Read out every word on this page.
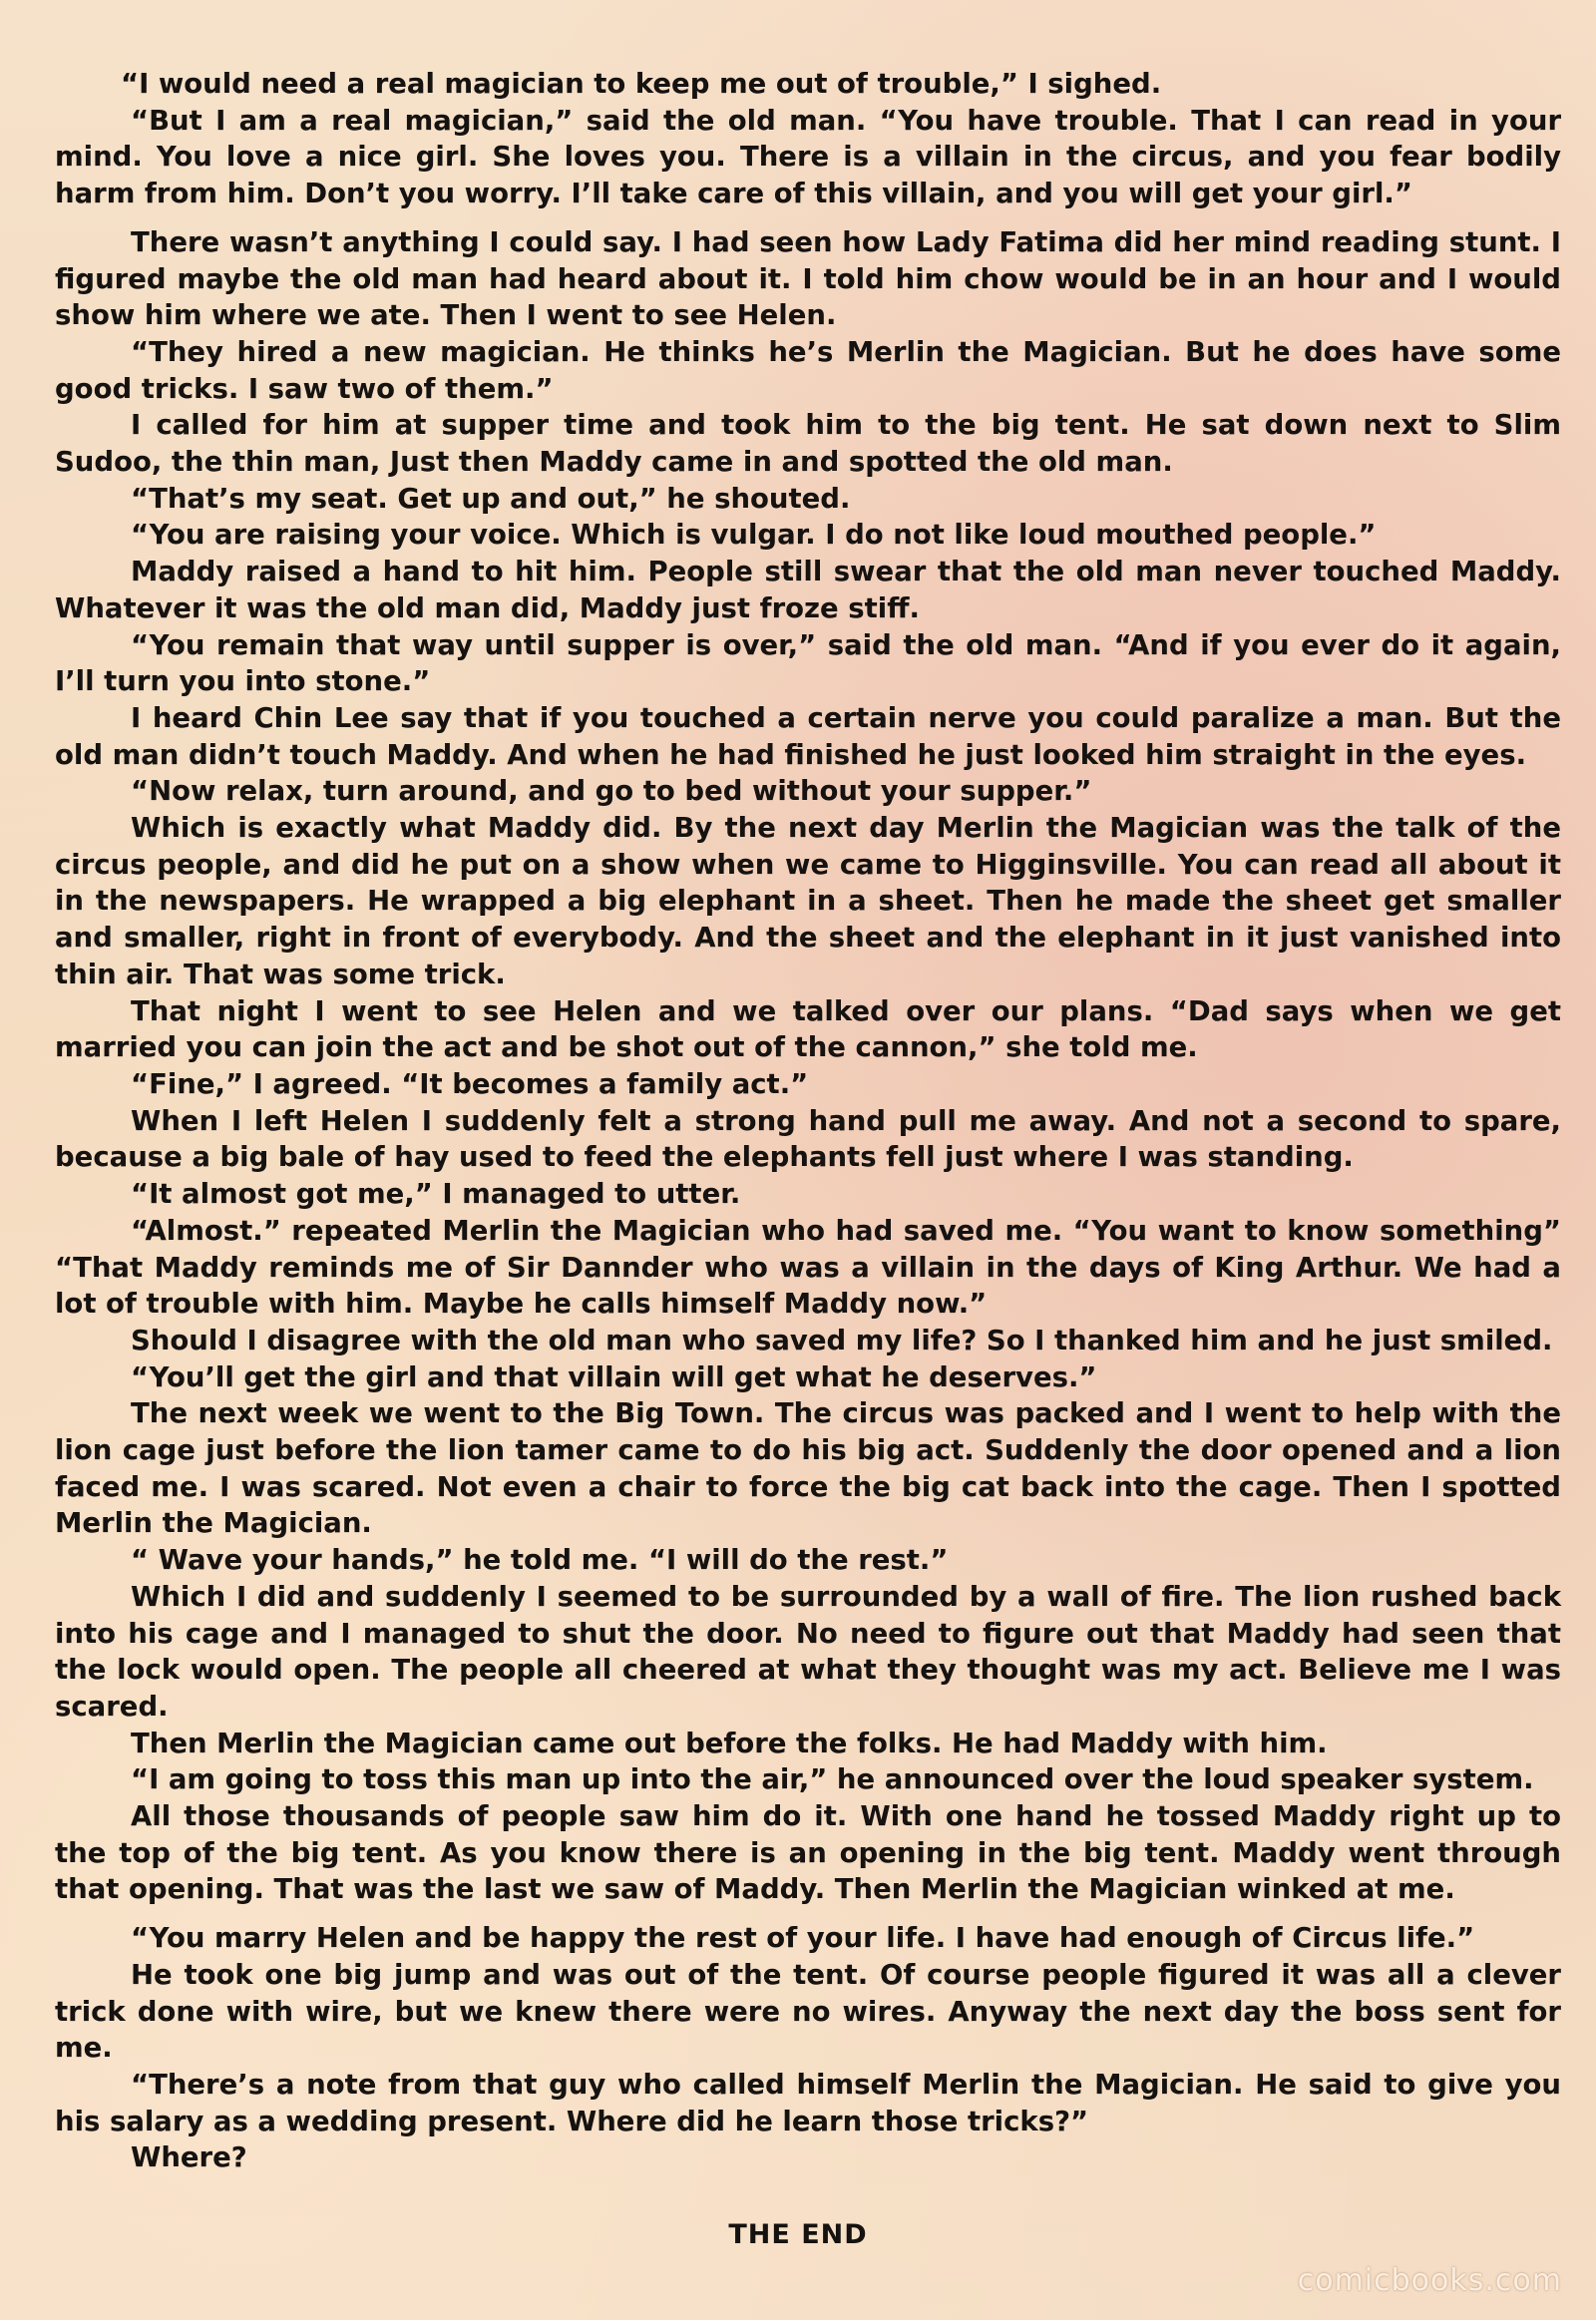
“I would need a real magician to keep me out of trouble,” I sighed.

“But I am a real magician,” said the old man. “You have trouble. That I can read in your mind. You love a nice girl. She loves you. There is a villain in the circus, and you fear bodily harm from him. Don’t you worry. I’ll take care of this villain, and you will get your girl.”

There wasn’t anything I could say. I had seen how Lady Fatima did her mind reading stunt. I figured maybe the old man had heard about it. I told him chow would be in an hour and I would show him where we ate. Then I went to see Helen.

“They hired a new magician. He thinks he’s Merlin the Magician. But he does have some good tricks. I saw two of them.”

I called for him at supper time and took him to the big tent. He sat down next to Slim Sudoo, the thin man, Just then Maddy came in and spotted the old man.

“That’s my seat. Get up and out,” he shouted.

“You are raising your voice. Which is vulgar. I do not like loud mouthed people.”

Maddy raised a hand to hit him. People still swear that the old man never touched Maddy. Whatever it was the old man did, Maddy just froze stiff.

“You remain that way until supper is over,” said the old man. “And if you ever do it again, I’ll turn you into stone.”

I heard Chin Lee say that if you touched a certain nerve you could paralize a man. But the old man didn’t touch Maddy. And when he had finished he just looked him straight in the eyes.

“Now relax, turn around, and go to bed without your supper.”

Which is exactly what Maddy did. By the next day Merlin the Magician was the talk of the circus people, and did he put on a show when we came to Higginsville. You can read all about it in the newspapers. He wrapped a big elephant in a sheet. Then he made the sheet get smaller and smaller, right in front of everybody. And the sheet and the elephant in it just vanished into thin air. That was some trick.

That night I went to see Helen and we talked over our plans. “Dad says when we get married you can join the act and be shot out of the cannon,” she told me.

“Fine,” I agreed. “It becomes a family act.”

When I left Helen I suddenly felt a strong hand pull me away. And not a second to spare, because a big bale of hay used to feed the elephants fell just where I was standing.

“It almost got me,” I managed to utter.

“Almost.” repeated Merlin the Magician who had saved me. “You want to know something” “That Maddy reminds me of Sir Dannder who was a villain in the days of King Arthur. We had a lot of trouble with him. Maybe he calls himself Maddy now.”

Should I disagree with the old man who saved my life? So I thanked him and he just smiled.

“You’ll get the girl and that villain will get what he deserves.”

The next week we went to the Big Town. The circus was packed and I went to help with the lion cage just before the lion tamer came to do his big act. Suddenly the door opened and a lion faced me. I was scared. Not even a chair to force the big cat back into the cage. Then I spotted Merlin the Magician.

“ Wave your hands,” he told me. “I will do the rest.”

Which I did and suddenly I seemed to be surrounded by a wall of fire. The lion rushed back into his cage and I managed to shut the door. No need to figure out that Maddy had seen that the lock would open. The people all cheered at what they thought was my act. Believe me I was scared.

Then Merlin the Magician came out before the folks. He had Maddy with him.

“I am going to toss this man up into the air,” he announced over the loud speaker system.

All those thousands of people saw him do it. With one hand he tossed Maddy right up to the top of the big tent. As you know there is an opening in the big tent. Maddy went through that opening. That was the last we saw of Maddy. Then Merlin the Magician winked at me.

“You marry Helen and be happy the rest of your life. I have had enough of Circus life.”

He took one big jump and was out of the tent. Of course people figured it was all a clever trick done with wire, but we knew there were no wires. Anyway the next day the boss sent for me.

“There’s a note from that guy who called himself Merlin the Magician. He said to give you his salary as a wedding present. Where did he learn those tricks?”

Where?

THE END
comicbooks.com
